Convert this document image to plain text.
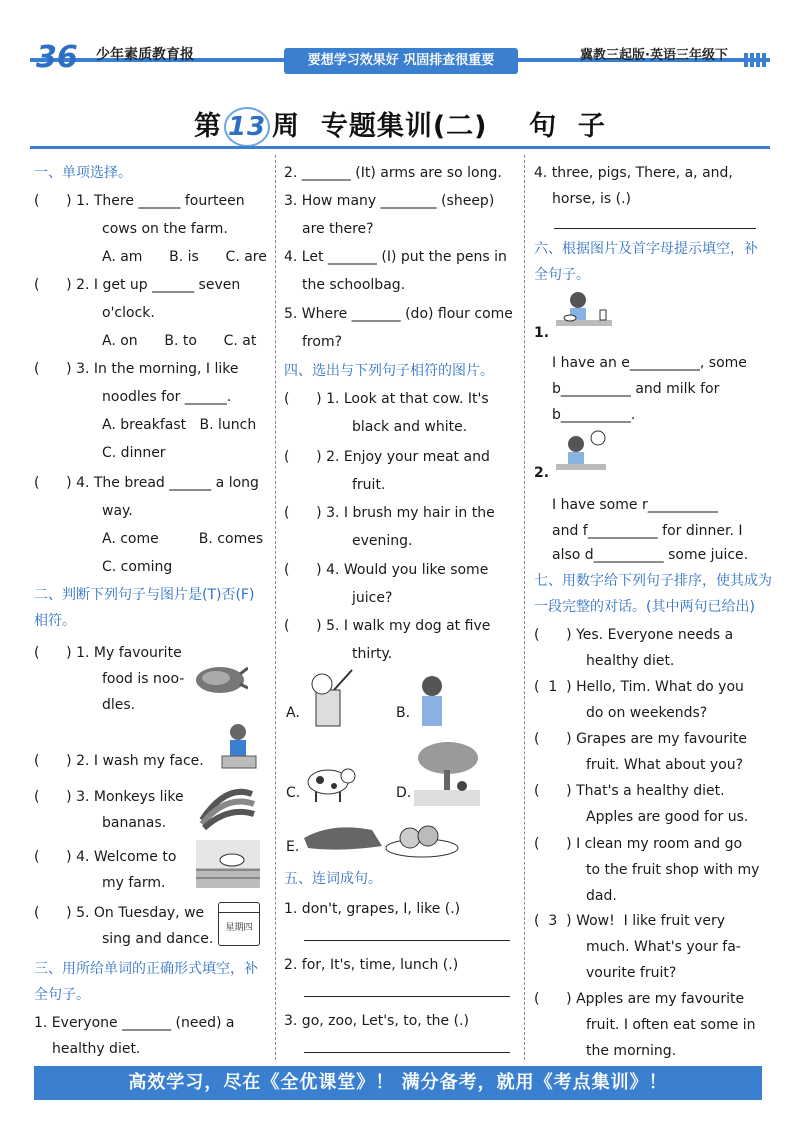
36 少年素质教育报	要想学习效果好 巩固排查很重要	冀教三起版·英语三年级下
第 13 周  专题集训(二)    句  子
一、单项选择。
(      ) 1. There ______ fourteen
cows on the farm.
A. am      B. is      C. are
(      ) 2. I get up ______ seven
o'clock.
A. on      B. to      C. at
(      ) 3. In the morning, I like
noodles for ______.
A. breakfast   B. lunch
C. dinner
(      ) 4. The bread ______ a long
way.
A. come         B. comes
C. coming
二、判断下列句子与图片是(T)否(F)
相符。
(      ) 1. My favourite
food is noo-
dles.
(      ) 2. I wash my face.
(      ) 3. Monkeys like
bananas.
(      ) 4. Welcome to
my farm.
(      ) 5. On Tuesday, we
sing and dance.
星期四
三、用所给单词的正确形式填空，补
全句子。
1. Everyone _______ (need) a
healthy diet.
2. _______ (It) arms are so long.
3. How many ________ (sheep)
are there?
4. Let _______ (I) put the pens in
the schoolbag.
5. Where _______ (do) flour come
from?
四、选出与下列句子相符的图片。
(      ) 1. Look at that cow. It's
black and white.
(      ) 2. Enjoy your meat and
fruit.
(      ) 3. I brush my hair in the
evening.
(      ) 4. Would you like some
juice?
(      ) 5. I walk my dog at five
thirty.
A.	B.
C.	D.
E.
五、连词成句。
1. don't, grapes, I, like (.)
2. for, It's, time, lunch (.)
3. go, zoo, Let's, to, the (.)
4. three, pigs, There, a, and,
horse, is (.)
六、根据图片及首字母提示填空，补
全句子。
1.
I have an e__________, some
b__________ and milk for
b__________.
2.
I have some r__________
and f__________ for dinner. I
also d__________ some juice.
七、用数字给下列句子排序，使其成为
一段完整的对话。(其中两句已给出)
(      ) Yes. Everyone needs a
healthy diet.
(  1  ) Hello, Tim. What do you
do on weekends?
(      ) Grapes are my favourite
fruit. What about you?
(      ) That's a healthy diet.
Apples are good for us.
(      ) I clean my room and go
to the fruit shop with my
dad.
(  3  ) Wow!  I like fruit very
much. What's your fa-
vourite fruit?
(      ) Apples are my favourite
fruit. I often eat some in
the morning.
高效学习，尽在《全优课堂》！ 满分备考，就用《考点集训》！
